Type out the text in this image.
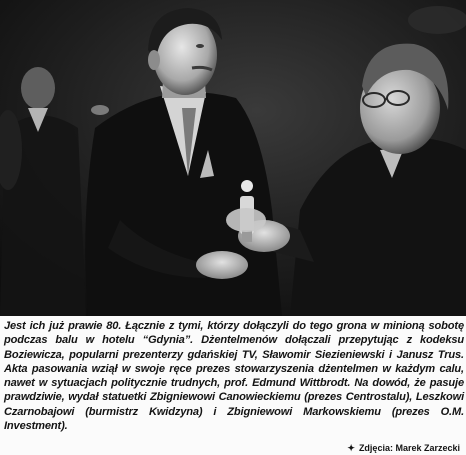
Jest ich już prawie 80. Łącznie z tymi, którzy dołączyli do tego grona w minioną sobotę podczas balu w hotelu “Gdynia”. Dżentelmenów dołączali przepytując z kodeksu Boziewicza, popularni prezenterzy gdańskiej TV, Sławomir Siezieniewski i Janusz Trus. Akta pasowania wziął w swoje ręce prezes stowarzyszenia dżentelmen w każdym calu, nawet w sytuacjach politycznie trudnych, prof. Edmund Wittbrodt. Na dowód, że pasuje prawdziwie, wydał statuetki Zbigniewowi Canowieckiemu (prezes Centrostalu), Leszkowi Czarnobajowi (burmistrz Kwidzyna) i Zbigniewowi Markowskiemu (prezes O.M. Investment).

✦ Zdjęcia: Marek Zarzecki
